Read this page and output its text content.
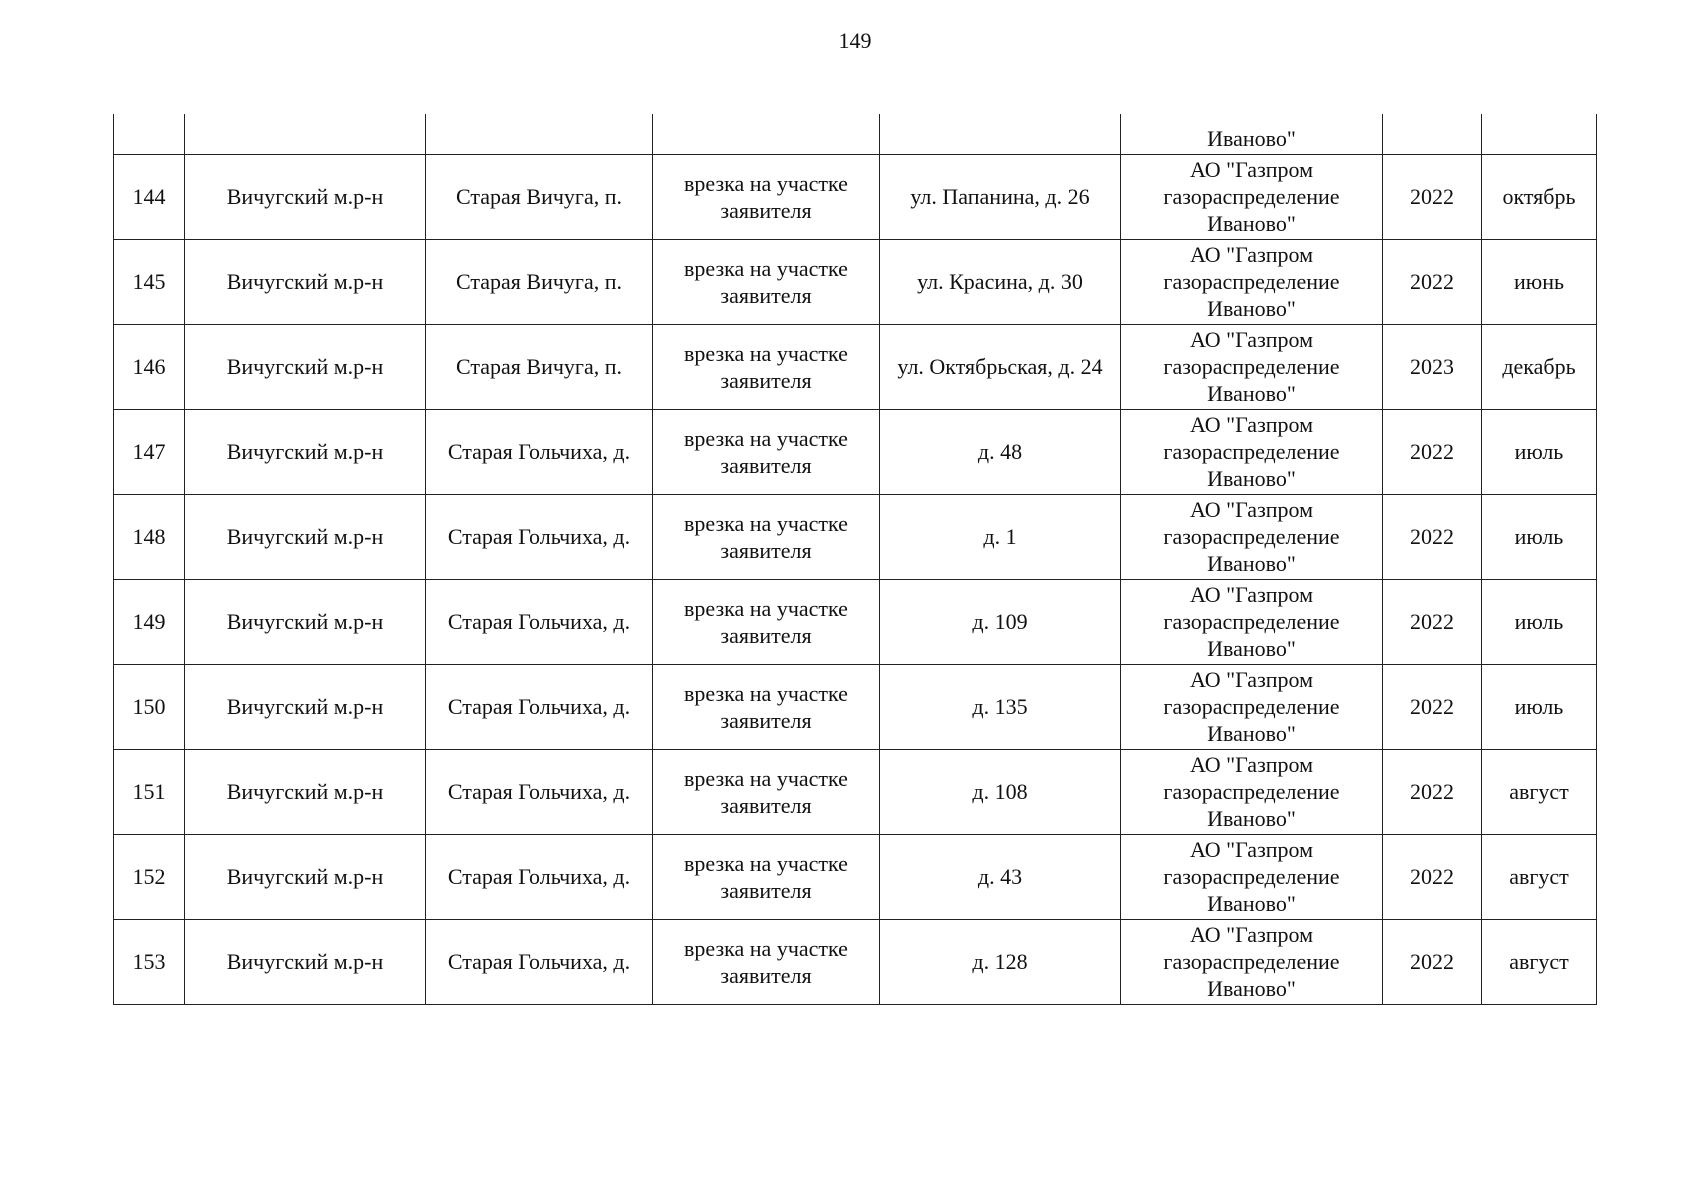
149
					Иваново"		
144	Вичугский м.р-н	Старая Вичуга, п.	врезка на участке заявителя	ул. Папанина, д. 26	АО "Газпром газораспределение Иваново"	2022	октябрь
145	Вичугский м.р-н	Старая Вичуга, п.	врезка на участке заявителя	ул. Красина, д. 30	АО "Газпром газораспределение Иваново"	2022	июнь
146	Вичугский м.р-н	Старая Вичуга, п.	врезка на участке заявителя	ул. Октябрьская, д. 24	АО "Газпром газораспределение Иваново"	2023	декабрь
147	Вичугский м.р-н	Старая Гольчиха, д.	врезка на участке заявителя	д. 48	АО "Газпром газораспределение Иваново"	2022	июль
148	Вичугский м.р-н	Старая Гольчиха, д.	врезка на участке заявителя	д. 1	АО "Газпром газораспределение Иваново"	2022	июль
149	Вичугский м.р-н	Старая Гольчиха, д.	врезка на участке заявителя	д. 109	АО "Газпром газораспределение Иваново"	2022	июль
150	Вичугский м.р-н	Старая Гольчиха, д.	врезка на участке заявителя	д. 135	АО "Газпром газораспределение Иваново"	2022	июль
151	Вичугский м.р-н	Старая Гольчиха, д.	врезка на участке заявителя	д. 108	АО "Газпром газораспределение Иваново"	2022	август
152	Вичугский м.р-н	Старая Гольчиха, д.	врезка на участке заявителя	д. 43	АО "Газпром газораспределение Иваново"	2022	август
153	Вичугский м.р-н	Старая Гольчиха, д.	врезка на участке заявителя	д. 128	АО "Газпром газораспределение Иваново"	2022	август
